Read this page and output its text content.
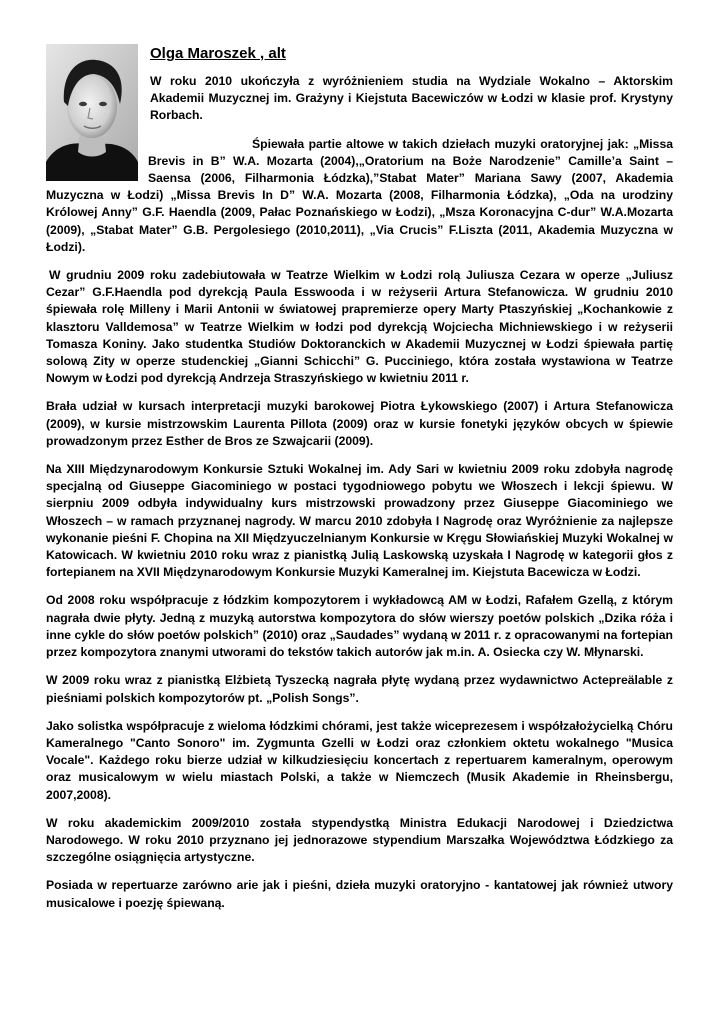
Olga Maroszek , alt

W roku 2010 ukończyła z wyróżnieniem studia na Wydziale Wokalno – Aktorskim Akademii Muzycznej im. Grażyny i Kiejstuta Bacewiczów w Łodzi w klasie prof. Krystyny Rorbach.

Śpiewała partie altowe w takich dziełach muzyki oratoryjnej jak: „Missa Brevis in B” W.A. Mozarta (2004),„Oratorium na Boże Narodzenie” Camille’a Saint – Saensa (2006, Filharmonia Łódzka),”Stabat Mater” Mariana Sawy (2007, Akademia Muzyczna w Łodzi) „Missa Brevis In D” W.A. Mozarta (2008, Filharmonia Łódzka), „Oda na urodziny Królowej Anny” G.F. Haendla (2009, Pałac Poznańskiego w Łodzi), „Msza Koronacyjna C-dur” W.A.Mozarta (2009), „Stabat Mater” G.B. Pergolesiego (2010,2011), „Via Crucis” F.Liszta (2011, Akademia Muzyczna w Łodzi).

W grudniu 2009 roku zadebiutowała w Teatrze Wielkim w Łodzi rolą Juliusza Cezara w operze „Juliusz Cezar” G.F.Haendla pod dyrekcją Paula Esswooda i w reżyserii Artura Stefanowicza. W grudniu 2010 śpiewała rolę Milleny i Marii Antonii w światowej prapremierze opery Marty Ptaszyńskiej „Kochankowie z klasztoru Valldemosa” w Teatrze Wielkim w łodzi pod dyrekcją Wojciecha Michniewskiego i w reżyserii Tomasza Koniny. Jako studentka Studiów Doktoranckich w Akademii Muzycznej w Łodzi śpiewała partię solową Zity w operze studenckiej „Gianni Schicchi” G. Pucciniego, która została wystawiona w Teatrze Nowym w Łodzi pod dyrekcją Andrzeja Straszyńskiego w kwietniu 2011 r.

Brała udział w kursach interpretacji muzyki barokowej Piotra Łykowskiego (2007) i Artura Stefanowicza (2009), w kursie mistrzowskim Laurenta Pillota (2009) oraz w kursie fonetyki języków obcych w śpiewie prowadzonym przez Esther de Bros ze Szwajcarii (2009).

Na XIII Międzynarodowym Konkursie Sztuki Wokalnej im. Ady Sari w kwietniu 2009 roku zdobyła nagrodę specjalną od Giuseppe Giacominiego w postaci tygodniowego pobytu we Włoszech i lekcji śpiewu. W sierpniu 2009 odbyła indywidualny kurs mistrzowski prowadzony przez Giuseppe Giacominiego we Włoszech – w ramach przyznanej nagrody. W marcu 2010 zdobyła I Nagrodę oraz Wyróżnienie za najlepsze wykonanie pieśni F. Chopina na XII Międzyuczelnianym Konkursie w Kręgu Słowiańskiej Muzyki Wokalnej w Katowicach. W kwietniu 2010 roku wraz z pianistką Julią Laskowską uzyskała I Nagrodę w kategorii głos z fortepianem na XVII Międzynarodowym Konkursie Muzyki Kameralnej im. Kiejstuta Bacewicza w Łodzi.

Od 2008 roku współpracuje z łódzkim kompozytorem i wykładowcą AM w Łodzi, Rafałem Gzellą, z którym nagrała dwie płyty. Jedną z muzyką autorstwa kompozytora do słów wierszy poetów polskich „Dzika róża i inne cykle do słów poetów polskich” (2010) oraz „Saudades” wydaną w 2011 r. z opracowanymi na fortepian przez kompozytora znanymi utworami do tekstów takich autorów jak m.in. A. Osiecka czy W. Młynarski.

W 2009 roku wraz z pianistką Elżbietą Tyszecką nagrała płytę wydaną przez wydawnictwo Actepreälable z pieśniami polskich kompozytorów pt. „Polish Songs”.

Jako solistka współpracuje z wieloma łódzkimi chórami, jest także wiceprezesem i współzałożycielką Chóru Kameralnego "Canto Sonoro" im. Zygmunta Gzelli w Łodzi oraz członkiem oktetu wokalnego "Musica Vocale". Każdego roku bierze udział w kilkudziesięciu koncertach z repertuarem kameralnym, operowym oraz musicalowym w wielu miastach Polski, a także w Niemczech (Musik Akademie in Rheinsbergu, 2007,2008).

W roku akademickim 2009/2010 została stypendystką Ministra Edukacji Narodowej i Dziedzictwa Narodowego. W roku 2010 przyznano jej jednorazowe stypendium Marszałka Województwa Łódzkiego za szczególne osiągnięcia artystyczne.

Posiada w repertuarze zarówno arie jak i pieśni, dzieła muzyki oratoryjno - kantatowej jak również utwory musicalowe i poezję śpiewaną.
